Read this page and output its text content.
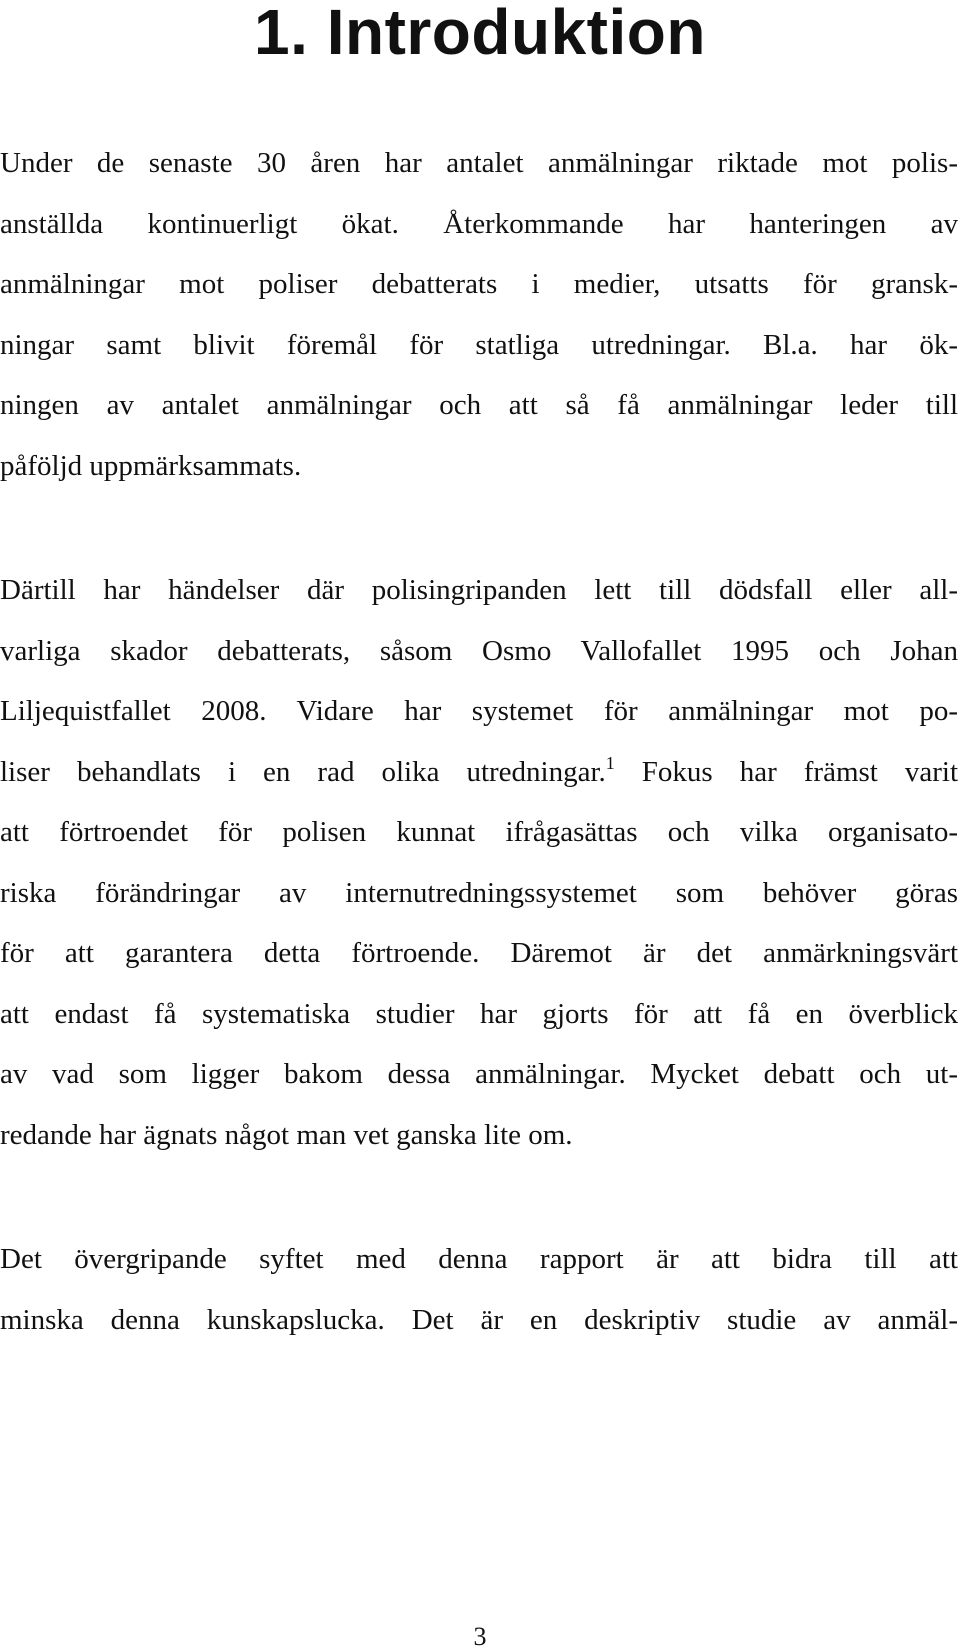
1. Introduktion
Under de senaste 30 åren har antalet anmälningar riktade mot polis-
anställda kontinuerligt ökat. Återkommande har hanteringen av
anmälningar mot poliser debatterats i medier, utsatts för gransk-
ningar samt blivit föremål för statliga utredningar. Bl.a. har ök-
ningen av antalet anmälningar och att så få anmälningar leder till
påföljd uppmärksammats.
Därtill har händelser där polisingripanden lett till dödsfall eller all-
varliga skador debatterats, såsom Osmo Vallofallet 1995 och Johan
Liljequistfallet 2008. Vidare har systemet för anmälningar mot po-
liser behandlats i en rad olika utredningar.$^1$ Fokus har främst varit
att förtroendet för polisen kunnat ifrågasättas och vilka organisato-
riska förändringar av internutredningssystemet som behöver göras
för att garantera detta förtroende. Däremot är det anmärkningsvärt
att endast få systematiska studier har gjorts för att få en överblick
av vad som ligger bakom dessa anmälningar. Mycket debatt och ut-
redande har ägnats något man vet ganska lite om.
Det övergripande syftet med denna rapport är att bidra till att
minska denna kunskapslucka. Det är en deskriptiv studie av anmäl-
3
